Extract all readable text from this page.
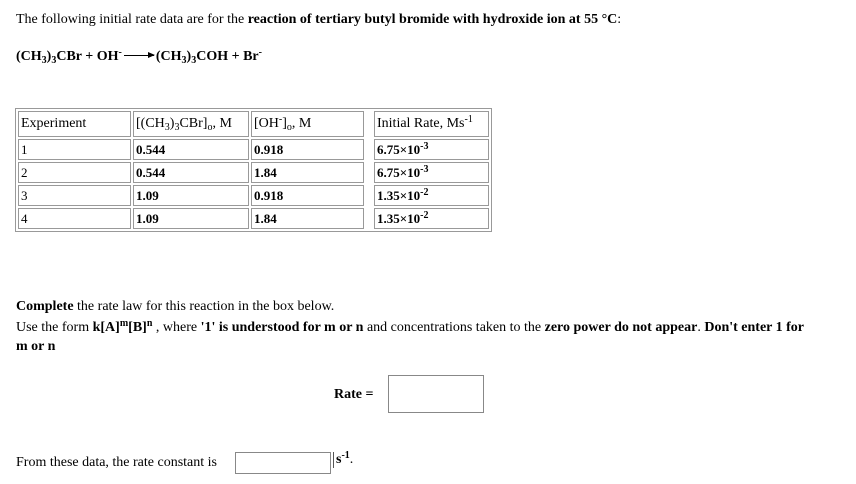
The following initial rate data are for the reaction of tertiary butyl bromide with hydroxide ion at 55 °C:
$(CH_3)_3CBr + OH^- \to (CH_3)_3COH + Br^-$
Experiment	$[(CH_3)_3CBr]_o$, M	$[OH^-]_o$, M		Initial Rate, $Ms^{-1}$
1	0.544	0.918		$6.75\times 10^{-3}$
2	0.544	1.84		$6.75\times 10^{-3}$
3	1.09	0.918		$1.35\times 10^{-2}$
4	1.09	1.84		$1.35\times 10^{-2}$
Complete the rate law for this reaction in the box below.
Use the form $k[A]^m[B]^n$ , where '1' is understood for m or n and concentrations taken to the zero power do not appear. Don't enter 1 for m or n
Rate =
From these data, the rate constant is	$s^{-1}$.
